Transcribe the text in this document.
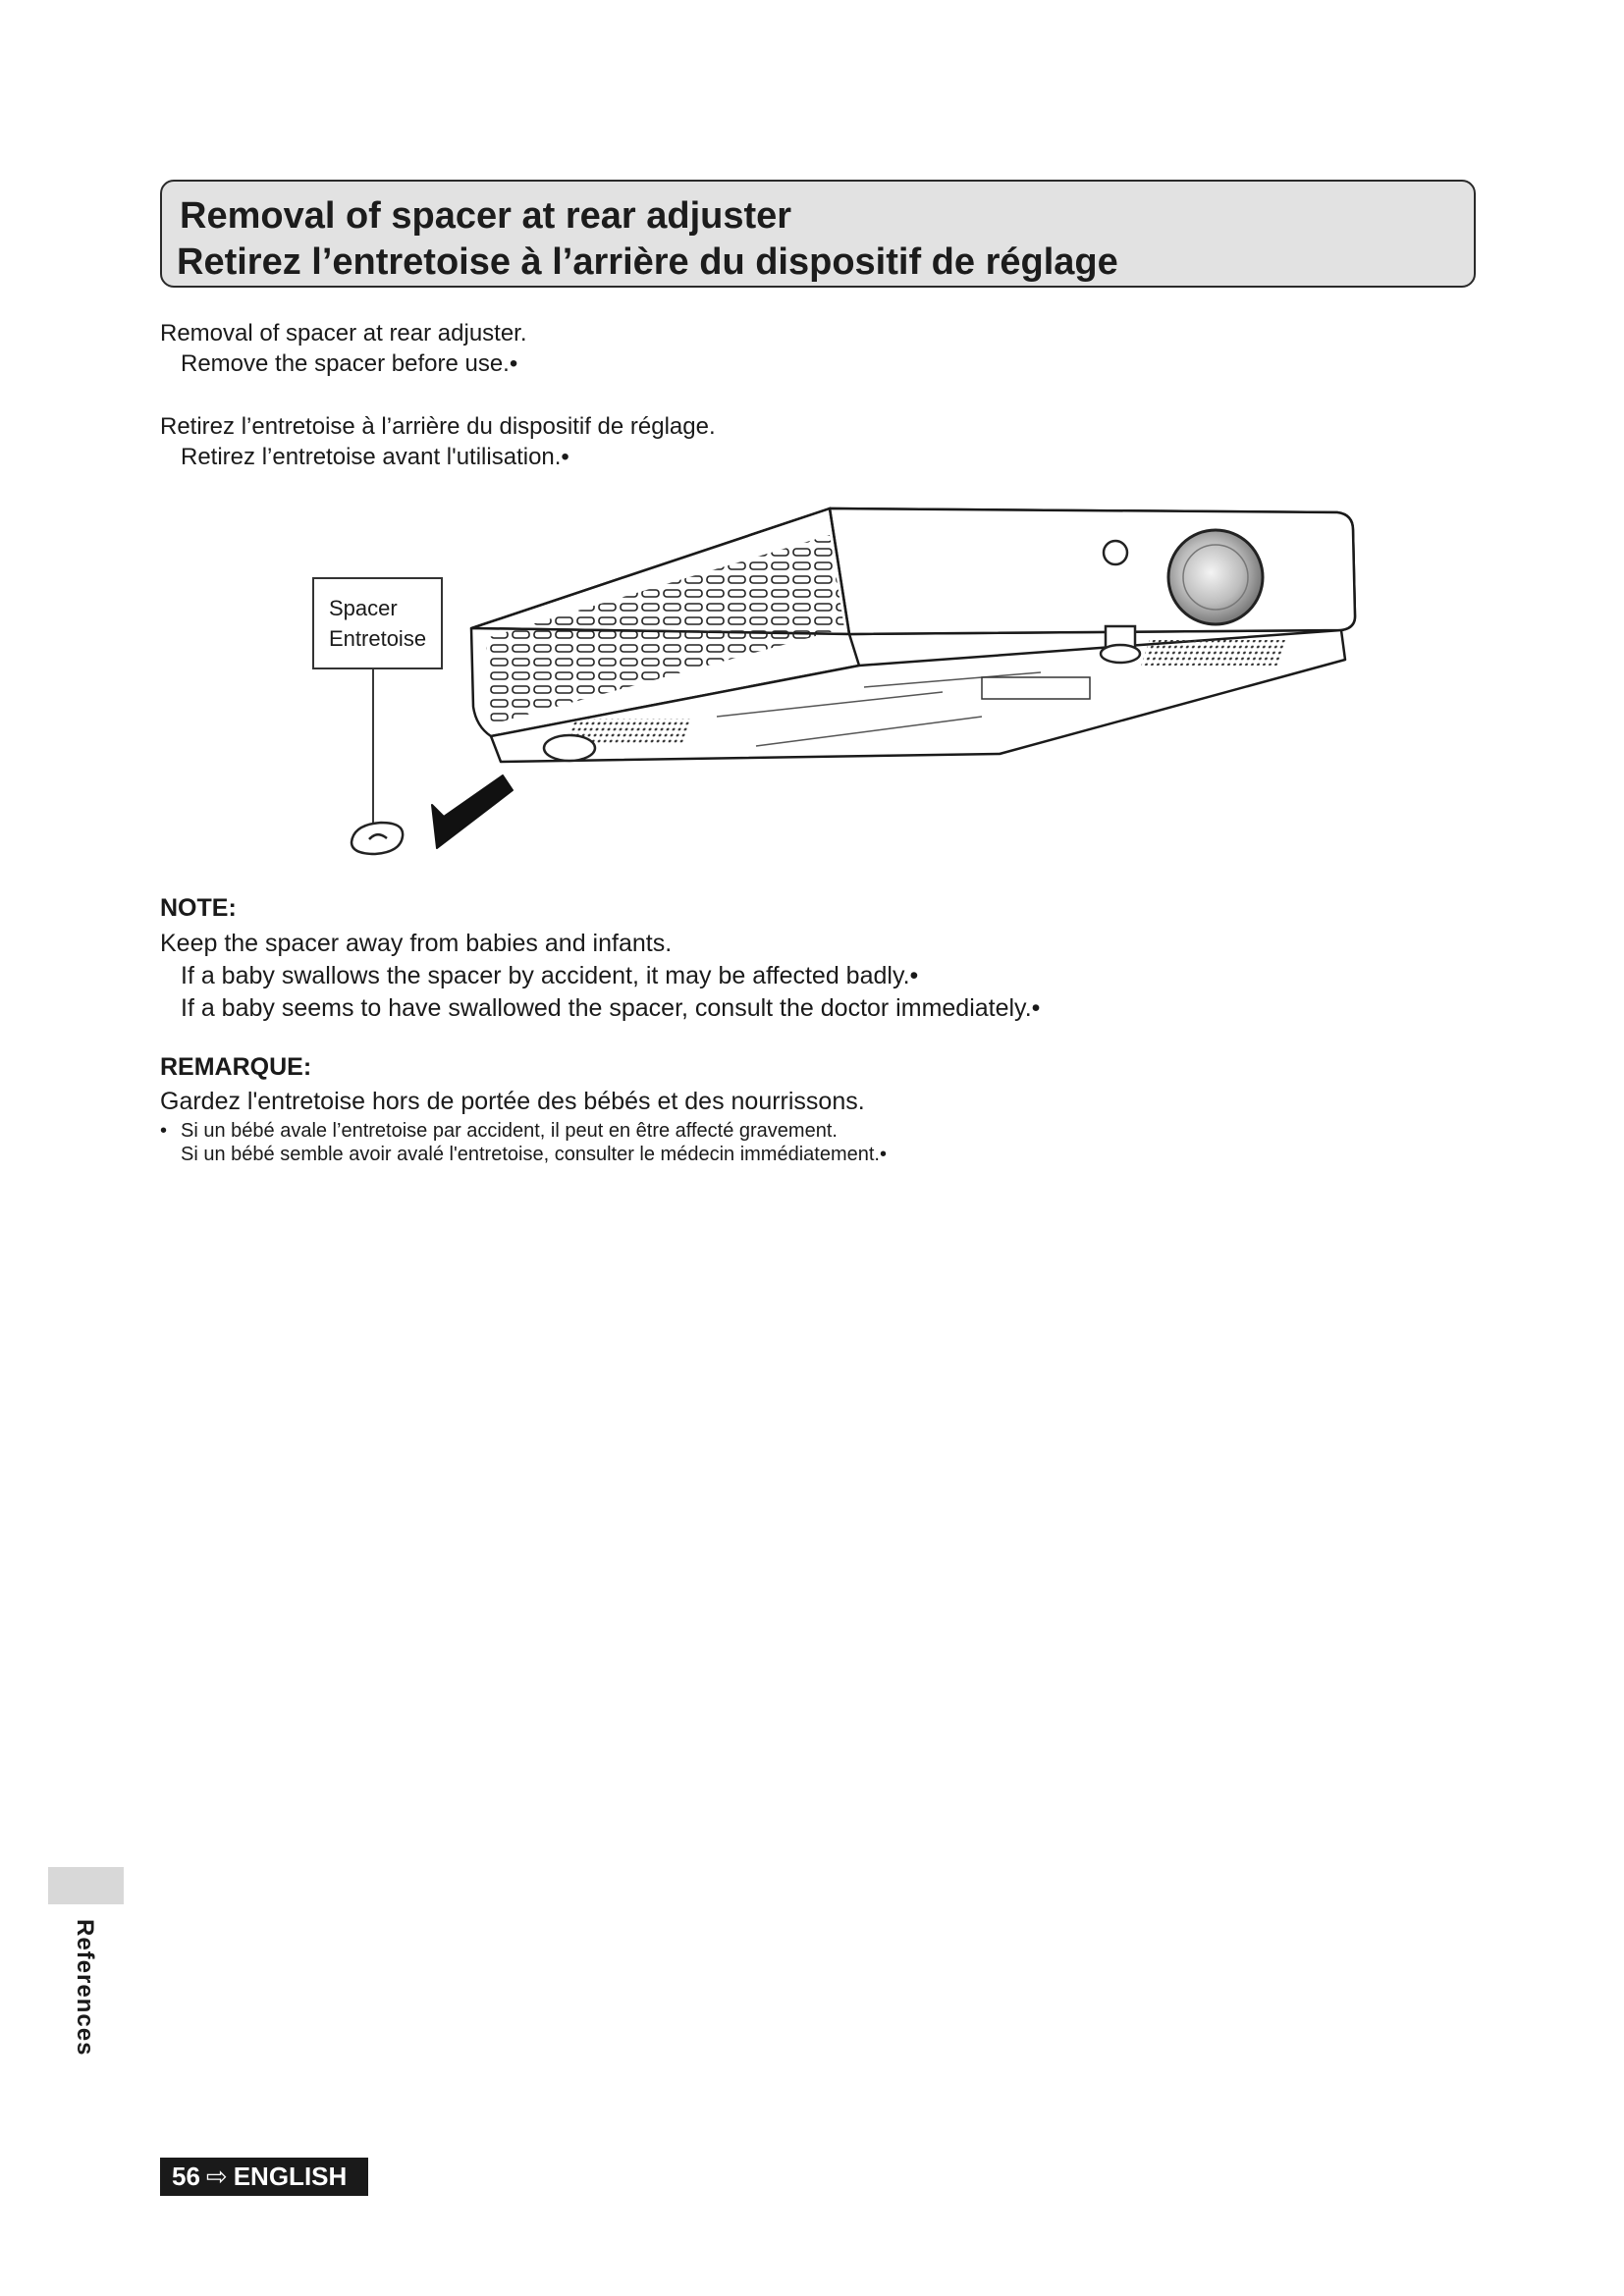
Removal of spacer at rear adjuster
Retirez l’entretoise à l’arrière du dispositif de réglage
Removal of spacer at rear adjuster.
Remove the spacer before use.•
Retirez l’entretoise à l’arrière du dispositif de réglage.
Retirez l’entretoise avant l'utilisation.•
Spacer
Entretoise
NOTE:
Keep the spacer away from babies and infants.
If a baby swallows the spacer by accident, it may be affected badly.•
If a baby seems to have swallowed the spacer, consult the doctor immediately.•
REMARQUE:
Gardez l'entretoise hors de portée des bébés et des nourrissons.
• Si un bébé avale l’entretoise par accident, il peut en être affecté gravement.
Si un bébé semble avoir avalé l'entretoise, consulter le médecin immédiatement.•
References
56 ⇨ ENGLISH
